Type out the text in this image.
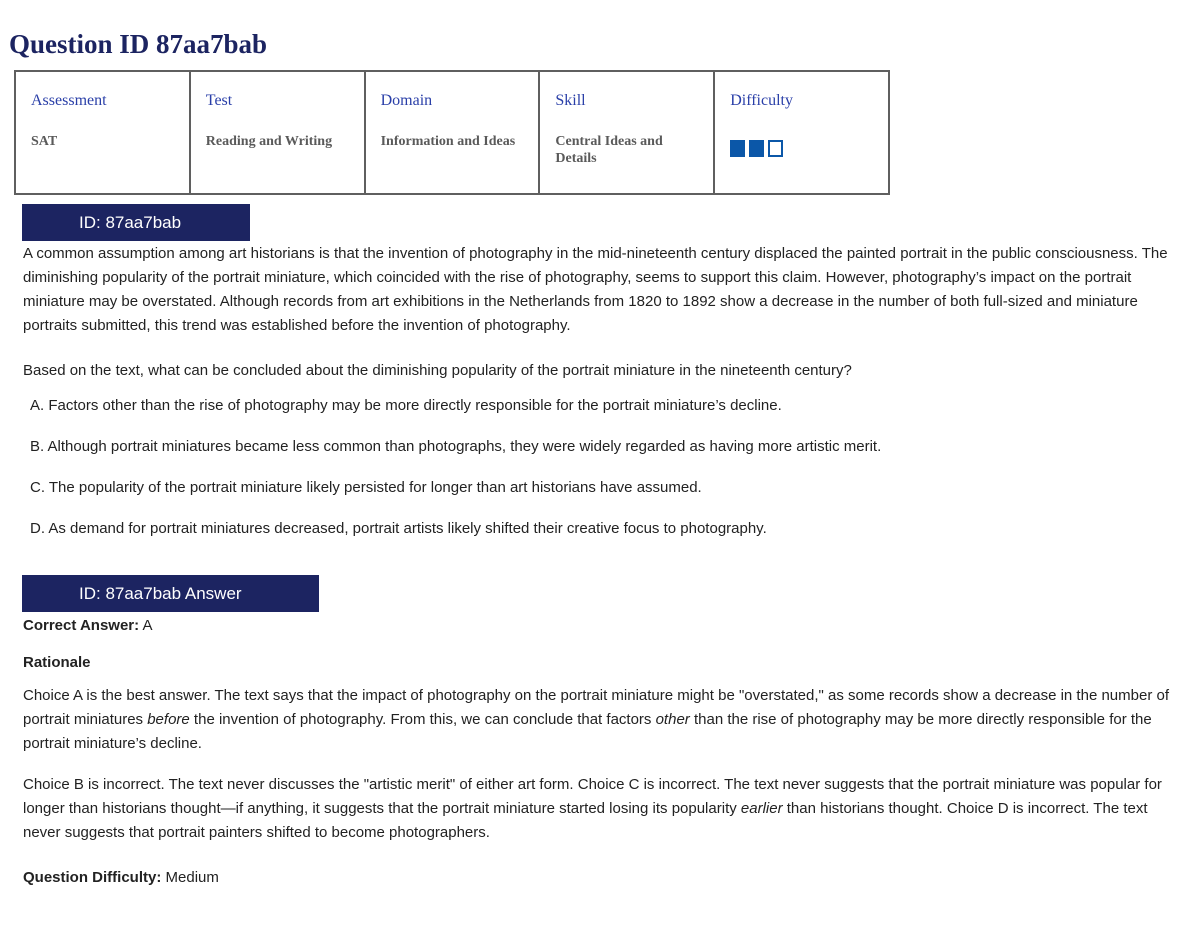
Question ID 87aa7bab
Assessment
SAT

Test
Reading and Writing

Domain
Information and Ideas

Skill
Central Ideas and Details

Difficulty
ID: 87aa7bab

A common assumption among art historians is that the invention of photography in the mid-nineteenth century displaced the painted portrait in the public consciousness. The diminishing popularity of the portrait miniature, which coincided with the rise of photography, seems to support this claim. However, photography’s impact on the portrait miniature may be overstated. Although records from art exhibitions in the Netherlands from 1820 to 1892 show a decrease in the number of both full-sized and miniature portraits submitted, this trend was established before the invention of photography.

Based on the text, what can be concluded about the diminishing popularity of the portrait miniature in the nineteenth century?

A. Factors other than the rise of photography may be more directly responsible for the portrait miniature’s decline.
B. Although portrait miniatures became less common than photographs, they were widely regarded as having more artistic merit.
C. The popularity of the portrait miniature likely persisted for longer than art historians have assumed.
D. As demand for portrait miniatures decreased, portrait artists likely shifted their creative focus to photography.
ID: 87aa7bab Answer

Correct Answer: A

Rationale

Choice A is the best answer. The text says that the impact of photography on the portrait miniature might be "overstated," as some records show a decrease in the number of portrait miniatures before the invention of photography. From this, we can conclude that factors other than the rise of photography may be more directly responsible for the portrait miniature’s decline.

Choice B is incorrect. The text never discusses the "artistic merit" of either art form. Choice C is incorrect. The text never suggests that the portrait miniature was popular for longer than historians thought—if anything, it suggests that the portrait miniature started losing its popularity earlier than historians thought. Choice D is incorrect. The text never suggests that portrait painters shifted to become photographers.

Question Difficulty: Medium
